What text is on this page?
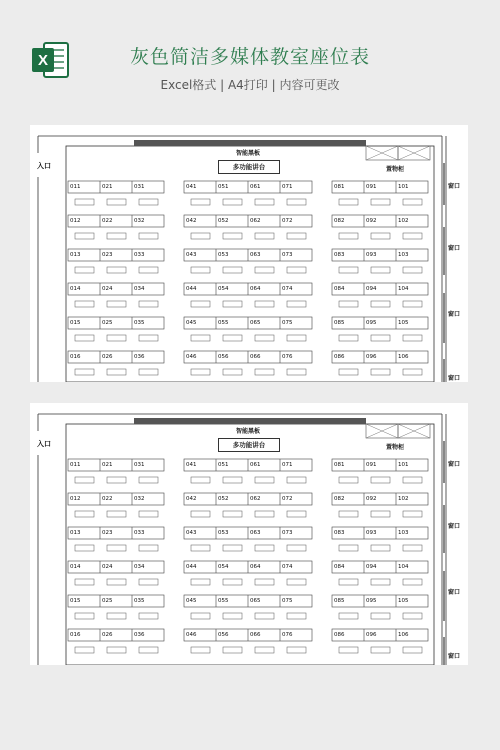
X	灰色简洁多媒体教室座位表
Excel格式 | A4打印 | 内容可更改
入口
智能黑板
多功能讲台	置物柜
窗口
窗口
窗口
窗口
011	021	031
012	022	032
013	023	033
014	024	034
015	025	035
016	026	036
041	051	061	071
042	052	062	072
043	053	063	073
044	054	064	074
045	055	065	075
046	056	066	076
081	091	101
082	092	102
083	093	103
084	094	104
085	095	105
086	096	106
入口
智能黑板
多功能讲台	置物柜
窗口
窗口
窗口
窗口
011	021	031
012	022	032
013	023	033
014	024	034
015	025	035
016	026	036
041	051	061	071
042	052	062	072
043	053	063	073
044	054	064	074
045	055	065	075
046	056	066	076
081	091	101
082	092	102
083	093	103
084	094	104
085	095	105
086	096	106
